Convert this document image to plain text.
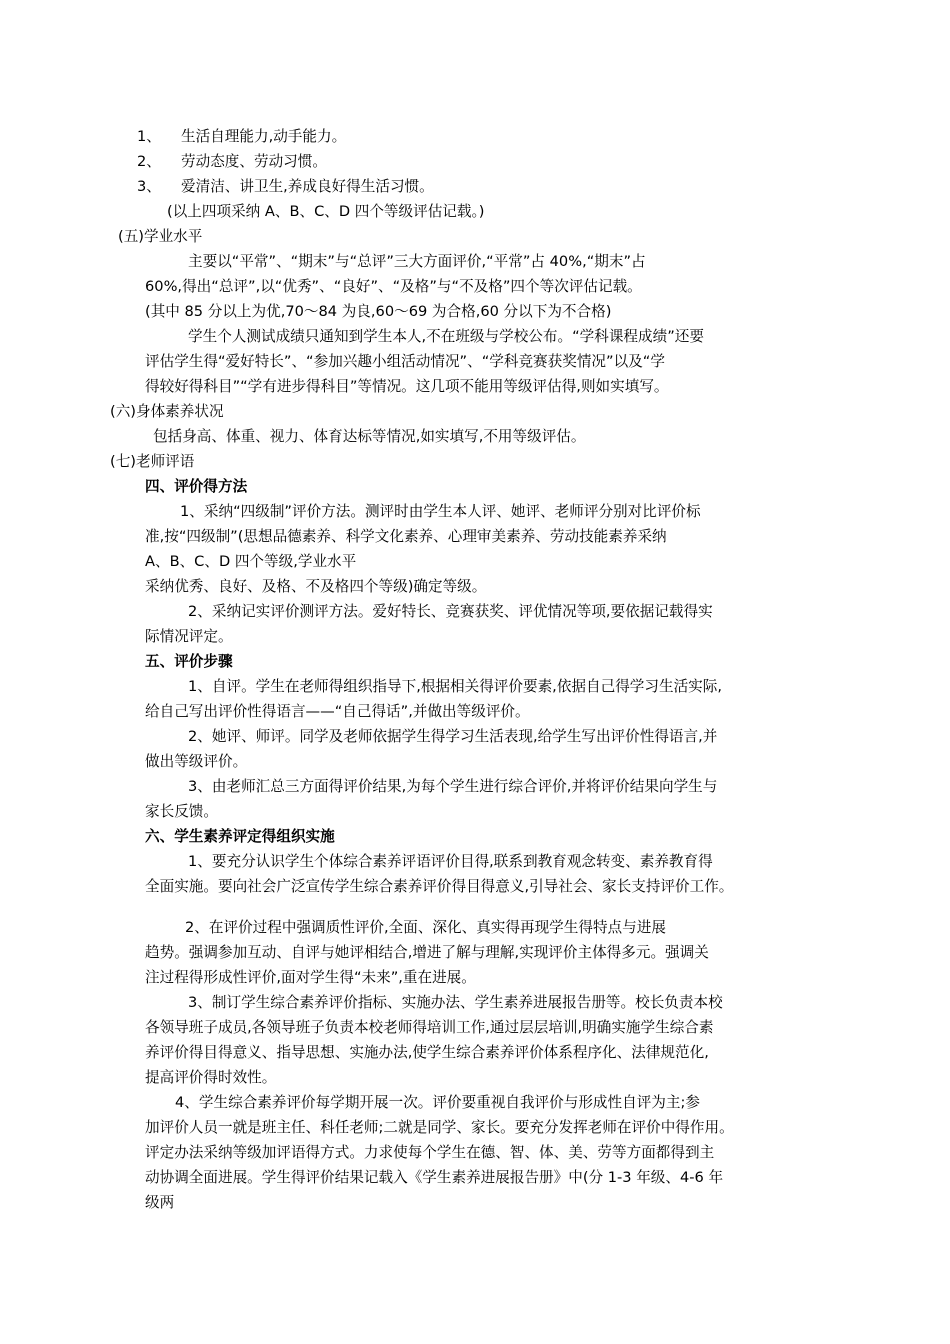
1、 生活自理能力,动手能力。
2、 劳动态度、劳动习惯。
3、 爱清洁、讲卫生,养成良好得生活习惯。
(以上四项采纳 A、B、C、D 四个等级评估记载。)
(五)学业水平
主要以“平常”、“期末”与“总评”三大方面评价,“平常”占 40%,“期末”占
60%,得出“总评”,以“优秀”、“良好”、“及格”与“不及格”四个等次评估记载。
(其中 85 分以上为优,70～84 为良,60～69 为合格,60 分以下为不合格)
学生个人测试成绩只通知到学生本人,不在班级与学校公布。“学科课程成绩”还要
评估学生得“爱好特长”、“参加兴趣小组活动情况”、“学科竞赛获奖情况”以及“学
得较好得科目”“学有进步得科目”等情况。这几项不能用等级评估得,则如实填写。
(六)身体素养状况
包括身高、体重、视力、体育达标等情况,如实填写,不用等级评估。
(七)老师评语
四、评价得方法
1、采纳“四级制”评价方法。测评时由学生本人评、她评、老师评分别对比评价标
准,按“四级制”(思想品德素养、科学文化素养、心理审美素养、劳动技能素养采纳
A、B、C、D 四个等级,学业水平
采纳优秀、良好、及格、不及格四个等级)确定等级。
2、采纳记实评价测评方法。爱好特长、竞赛获奖、评优情况等项,要依据记载得实
际情况评定。
五、评价步骤
1、自评。学生在老师得组织指导下,根据相关得评价要素,依据自己得学习生活实际,
给自己写出评价性得语言——“自己得话”,并做出等级评价。
2、她评、师评。同学及老师依据学生得学习生活表现,给学生写出评价性得语言,并
做出等级评价。
3、由老师汇总三方面得评价结果,为每个学生进行综合评价,并将评价结果向学生与
家长反馈。
六、学生素养评定得组织实施
1、要充分认识学生个体综合素养评语评价目得,联系到教育观念转变、素养教育得
全面实施。要向社会广泛宣传学生综合素养评价得目得意义,引导社会、家长支持评价工作。
2、在评价过程中强调质性评价,全面、深化、真实得再现学生得特点与进展
趋势。强调参加互动、自评与她评相结合,增进了解与理解,实现评价主体得多元。强调关
注过程得形成性评价,面对学生得“未来”,重在进展。
3、制订学生综合素养评价指标、实施办法、学生素养进展报告册等。校长负责本校
各领导班子成员,各领导班子负责本校老师得培训工作,通过层层培训,明确实施学生综合素
养评价得目得意义、指导思想、实施办法,使学生综合素养评价体系程序化、法律规范化,
提高评价得时效性。
4、学生综合素养评价每学期开展一次。评价要重视自我评价与形成性自评为主;参
加评价人员一就是班主任、科任老师;二就是同学、家长。要充分发挥老师在评价中得作用。
评定办法采纳等级加评语得方式。力求使每个学生在德、智、体、美、劳等方面都得到主
动协调全面进展。学生得评价结果记载入《学生素养进展报告册》中(分 1-3 年级、4-6 年
级两
